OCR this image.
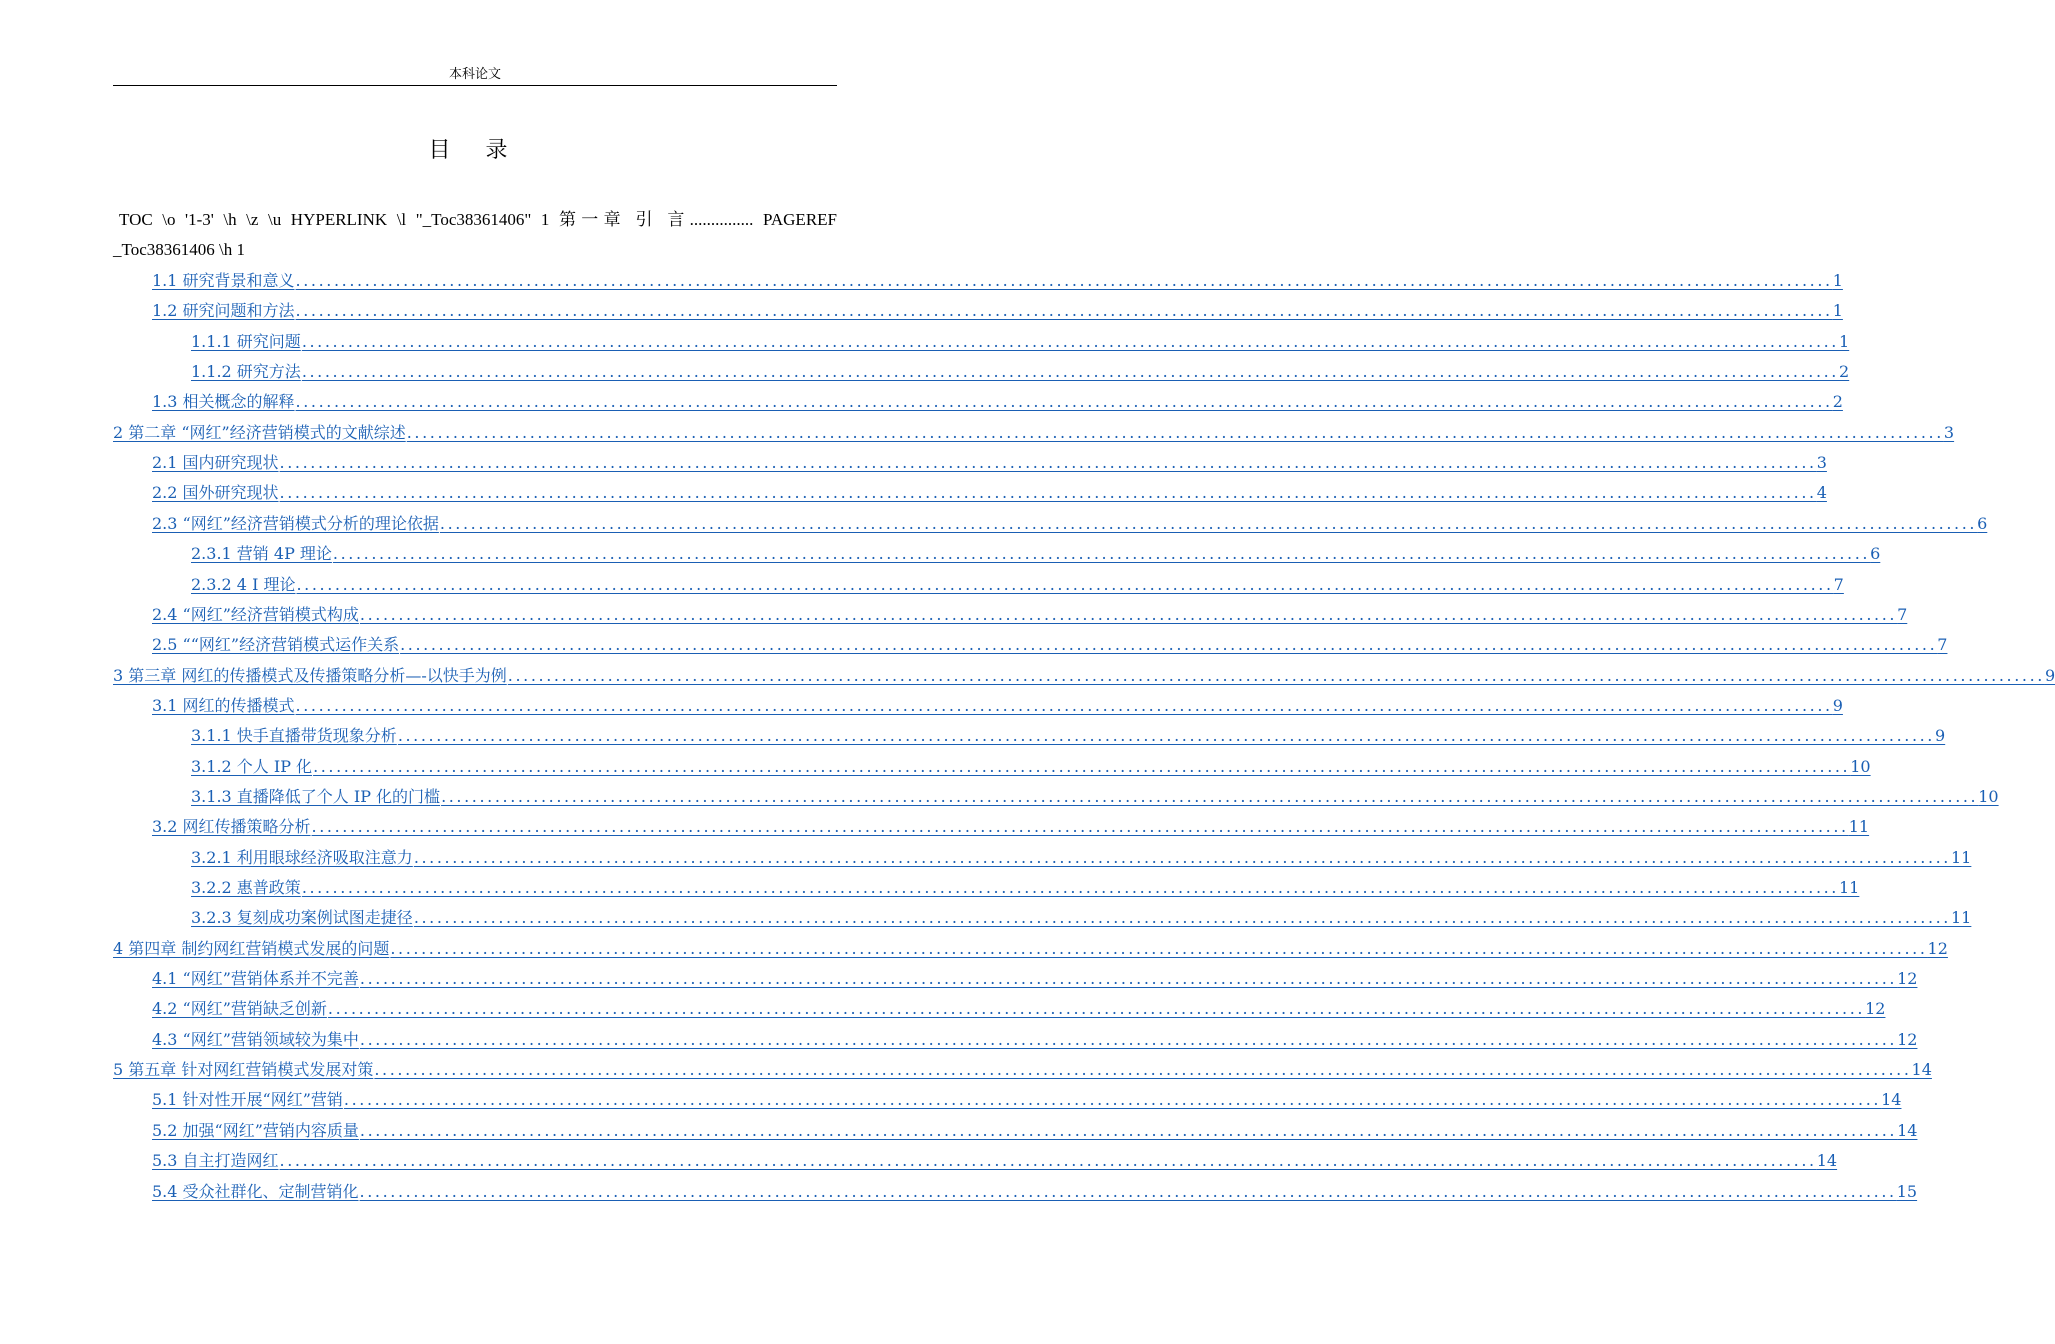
本科论文
目 录
TOC \o '1-3' \h \z \u HYPERLINK \l "_Toc38361406" 1 第一章 引 言............... PAGEREF _Toc38361406 \h 1
1.1 研究背景和意义 ........................................................................................................................................................................................................ 1
1.2 研究问题和方法 ........................................................................................................................................................................................................ 1
1.1.1 研究问题 ........................................................................................................................................................................................................ 1
1.1.2 研究方法 ........................................................................................................................................................................................................ 2
1.3 相关概念的解释 ........................................................................................................................................................................................................ 2
2 第二章 “网红”经济营销模式的文献综述 ........................................................................................................................................................................................................ 3
2.1 国内研究现状 ........................................................................................................................................................................................................ 3
2.2 国外研究现状 ........................................................................................................................................................................................................ 4
2.3 “网红”经济营销模式分析的理论依据 ........................................................................................................................................................................................................ 6
2.3.1 营销 4P 理论 ........................................................................................................................................................................................................ 6
2.3.2 4 I 理论 ........................................................................................................................................................................................................ 7
2.4 “网红”经济营销模式构成 ........................................................................................................................................................................................................ 7
2.5 ““网红”经济营销模式运作关系 ........................................................................................................................................................................................................ 7
3 第三章 网红的传播模式及传播策略分析—-以快手为例 ........................................................................................................................................................................................................ 9
3.1 网红的传播模式 ........................................................................................................................................................................................................ 9
3.1.1 快手直播带货现象分析 ........................................................................................................................................................................................................ 9
3.1.2 个人 IP 化 ........................................................................................................................................................................................................ 10
3.1.3 直播降低了个人 IP 化的门槛 ........................................................................................................................................................................................................ 10
3.2 网红传播策略分析 ........................................................................................................................................................................................................ 11
3.2.1 利用眼球经济吸取注意力 ........................................................................................................................................................................................................ 11
3.2.2 惠普政策 ........................................................................................................................................................................................................ 11
3.2.3 复刻成功案例试图走捷径 ........................................................................................................................................................................................................ 11
4 第四章 制约网红营销模式发展的问题 ........................................................................................................................................................................................................ 12
4.1 “网红”营销体系并不完善 ........................................................................................................................................................................................................ 12
4.2 “网红”营销缺乏创新 ........................................................................................................................................................................................................ 12
4.3 “网红”营销领域较为集中 ........................................................................................................................................................................................................ 12
5 第五章 针对网红营销模式发展对策 ........................................................................................................................................................................................................ 14
5.1 针对性开展“网红”营销 ........................................................................................................................................................................................................ 14
5.2 加强“网红”营销内容质量 ........................................................................................................................................................................................................ 14
5.3 自主打造网红 ........................................................................................................................................................................................................ 14
5.4 受众社群化、定制营销化 ........................................................................................................................................................................................................ 15
